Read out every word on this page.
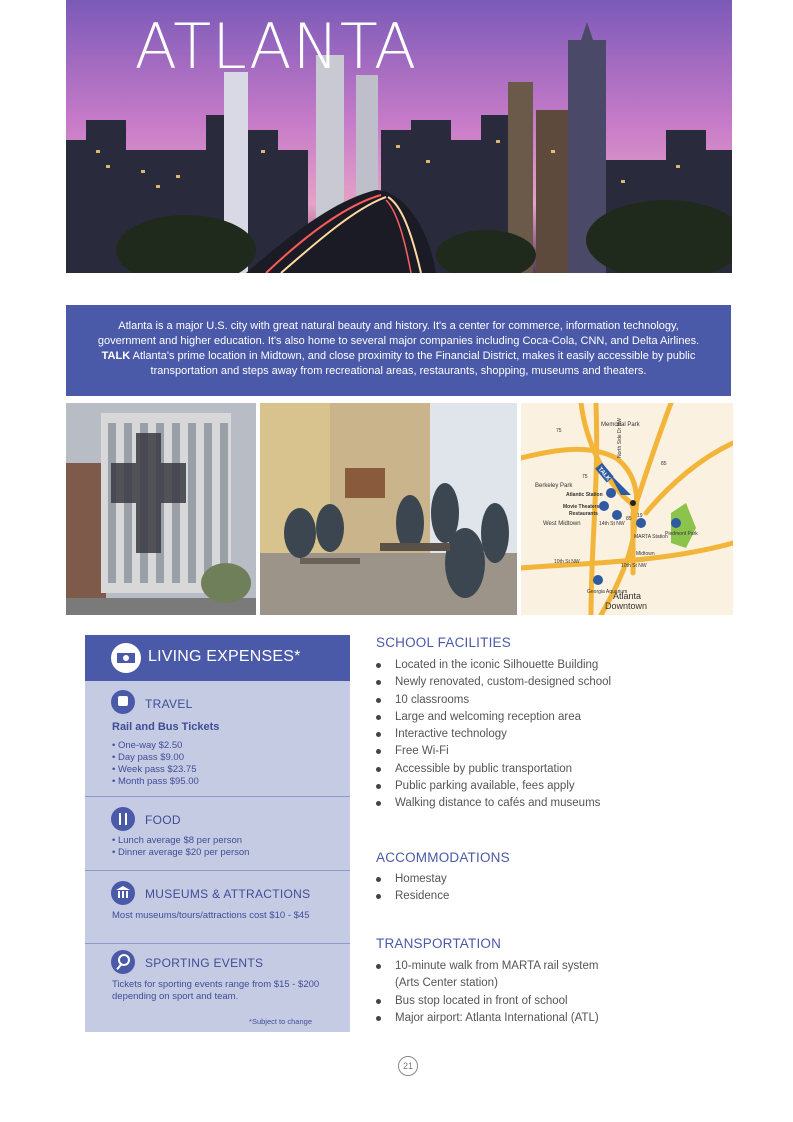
ATLANTA
Atlanta is a major U.S. city with great natural beauty and history. It's a center for commerce, information technology, government and higher education. It's also home to several major companies including Coca-Cola, CNN, and Delta Airlines. TALK Atlanta's prime location in Midtown, and close proximity to the Financial District, makes it easily accessible by public transportation and steps away from recreational areas, restaurants, shopping, museums and theaters.
Memorial Park
North Side Dr NW
Berkeley Park
Atlantic Station
Movie Theaters
Restaurants
West Midtown	14th St NW
MARTA Station
Piedmont Park
Midtown
10th St NW
10th St NW
Georgia Aquarium
Atlanta
Downtown
75
75
85
85 19
TALK
LIVING EXPENSES*
TRAVEL
Rail and Bus Tickets
• One-way $2.50
• Day pass $9.00
• Week pass $23.75
• Month pass $95.00
FOOD
• Lunch average $8 per person
• Dinner average $20 per person
MUSEUMS & ATTRACTIONS
Most museums/tours/attractions cost $10 - $45
SPORTING EVENTS
Tickets for sporting events range from $15 - $200
depending on sport and team.
*Subject to change
SCHOOL FACILITIES
Located in the iconic Silhouette Building
Newly renovated, custom-designed school
10 classrooms
Large and welcoming reception area
Interactive technology
Free Wi-Fi
Accessible by public transportation
Public parking available, fees apply
Walking distance to cafés and museums
ACCOMMODATIONS
Homestay
Residence
TRANSPORTATION
10-minute walk from MARTA rail system
(Arts Center station)
Bus stop located in front of school
Major airport: Atlanta International (ATL)
21
